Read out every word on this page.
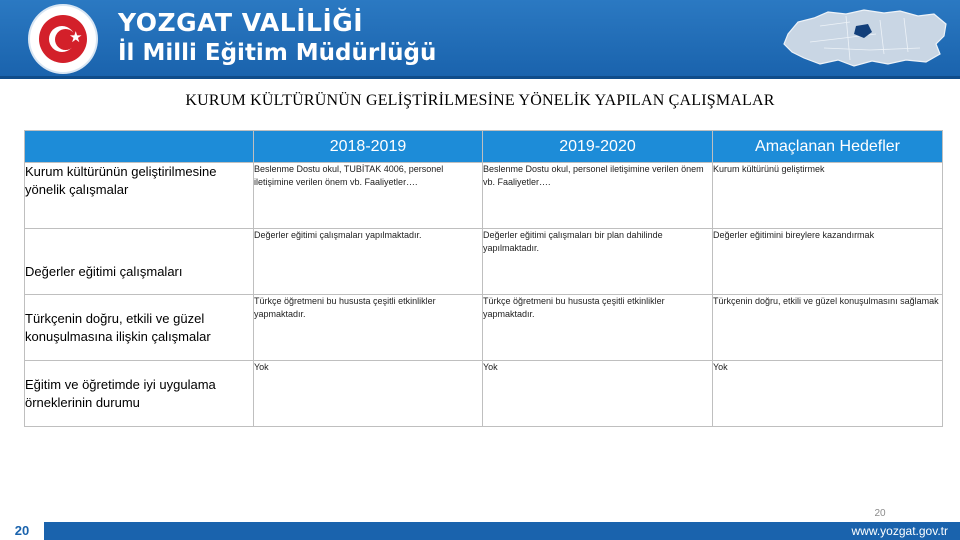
★ YOZGAT VALİLİĞİ
İl Milli Eğitim Müdürlüğü
KURUM KÜLTÜRÜNÜN GELİŞTİRİLMESİNE YÖNELİK YAPILAN ÇALIŞMALAR
	2018-2019	2019-2020	Amaçlanan Hedefler
Kurum kültürünün geliştirilmesine yönelik çalışmalar	Beslenme Dostu okul, TUBİTAK 4006, personel iletişimine verilen önem vb. Faaliyetler….	Beslenme Dostu okul, personel iletişimine verilen önem vb. Faaliyetler….	Kurum kültürünü geliştirmek
Değerler eğitimi çalışmaları	Değerler eğitimi çalışmaları yapılmaktadır.	Değerler eğitimi çalışmaları bir plan dahilinde yapılmaktadır.	Değerler eğitimini bireylere kazandırmak
Türkçenin doğru, etkili ve güzel konuşulmasına ilişkin çalışmalar	Türkçe öğretmeni bu hususta çeşitli etkinlikler yapmaktadır.	Türkçe öğretmeni bu hususta çeşitli etkinlikler yapmaktadır.	Türkçenin doğru, etkili ve güzel konuşulmasını sağlamak
Eğitim ve öğretimde iyi uygulama örneklerinin durumu	Yok	Yok	Yok
20
20	www.yozgat.gov.tr
